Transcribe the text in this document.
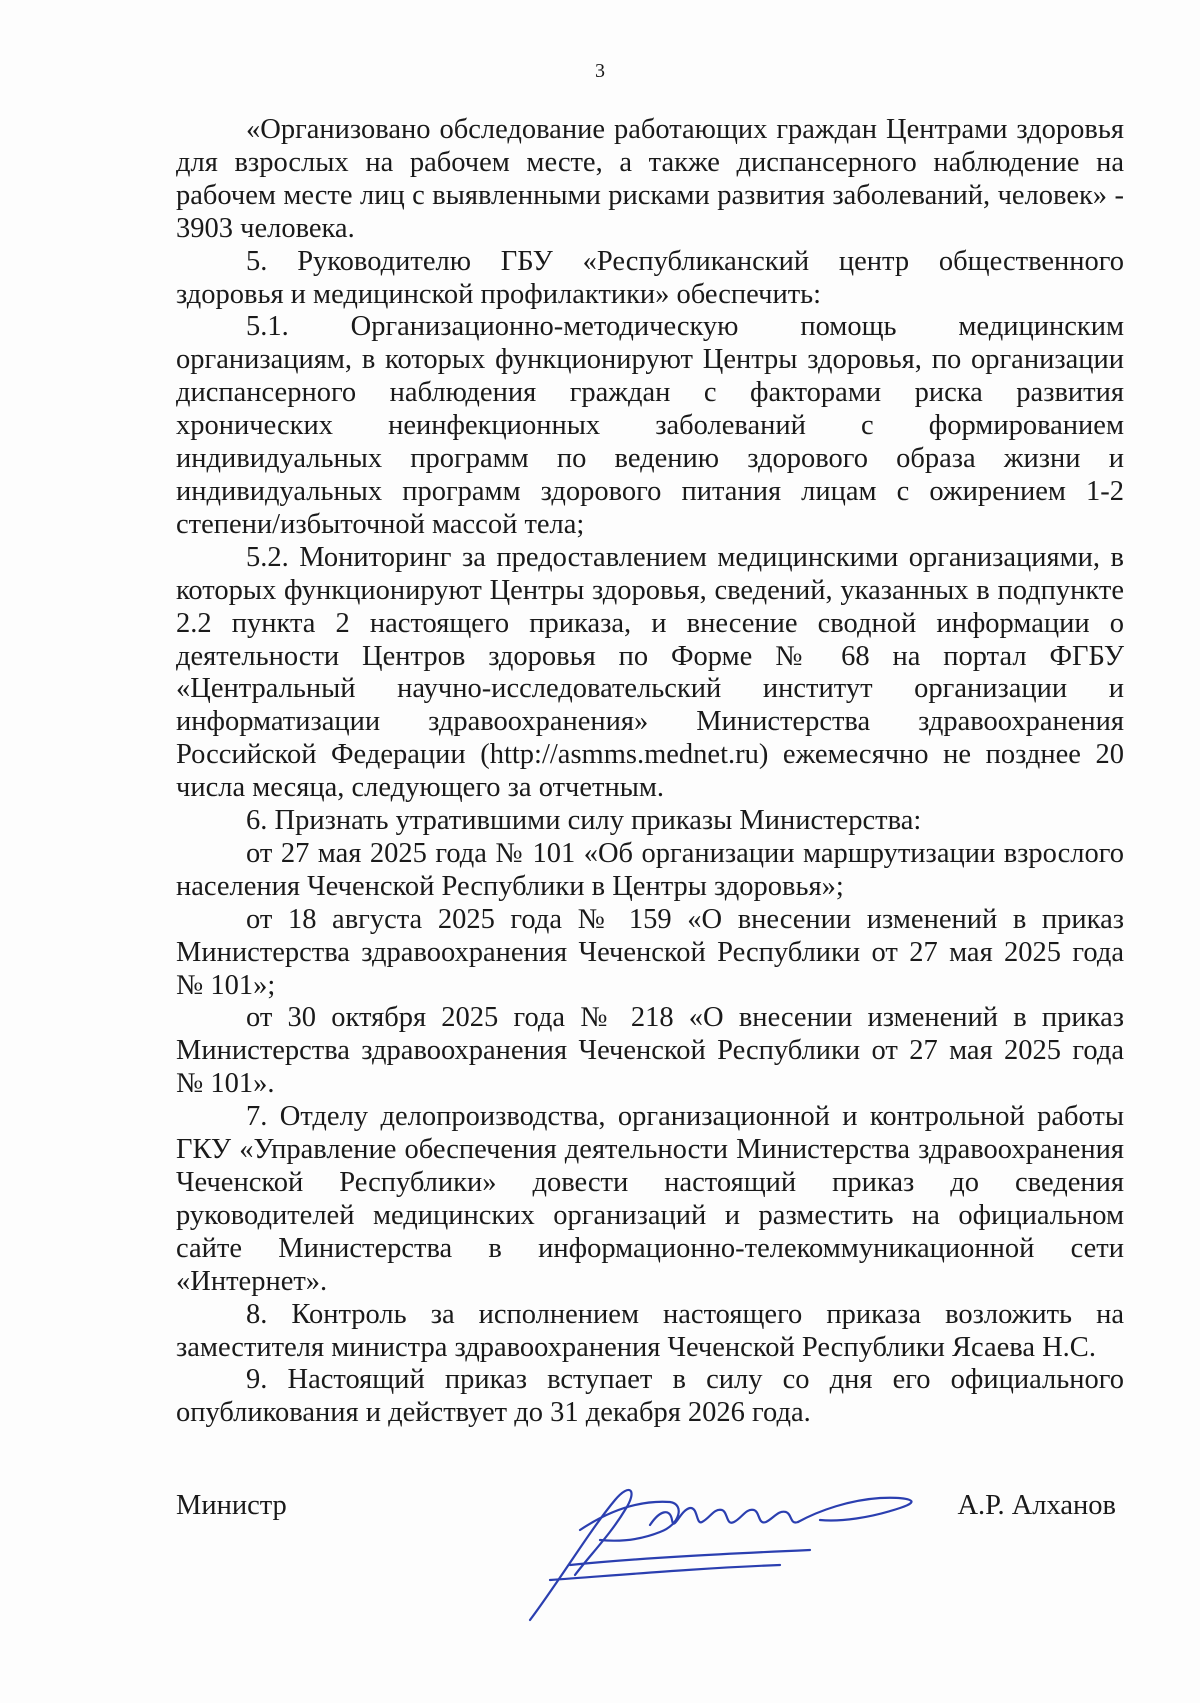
3

«Организовано обследование работающих граждан Центрами здоровья для взрослых на рабочем месте, а также диспансерного наблюдение на рабочем месте лиц с выявленными рисками развития заболеваний, человек» - 3903 человека.

5. Руководителю ГБУ «Республиканский центр общественного здоровья и медицинской профилактики» обеспечить:

5.1. Организационно-методическую помощь медицинским организациям, в которых функционируют Центры здоровья, по организации диспансерного наблюдения граждан с факторами риска развития хронических неинфекционных заболеваний с формированием индивидуальных программ по ведению здорового образа жизни и индивидуальных программ здорового питания лицам с ожирением 1-2 степени/избыточной массой тела;

5.2. Мониторинг за предоставлением медицинскими организациями, в которых функционируют Центры здоровья, сведений, указанных в подпункте 2.2 пункта 2 настоящего приказа, и внесение сводной информации о деятельности Центров здоровья по Форме № 68 на портал ФГБУ «Центральный научно-исследовательский институт организации и информатизации здравоохранения» Министерства здравоохранения Российской Федерации (http://asmms.mednet.ru) ежемесячно не позднее 20 числа месяца, следующего за отчетным.

6. Признать утратившими силу приказы Министерства:

от 27 мая 2025 года № 101 «Об организации маршрутизации взрослого населения Чеченской Республики в Центры здоровья»;

от 18 августа 2025 года № 159 «О внесении изменений в приказ Министерства здравоохранения Чеченской Республики от 27 мая 2025 года № 101»;

от 30 октября 2025 года № 218 «О внесении изменений в приказ Министерства здравоохранения Чеченской Республики от 27 мая 2025 года № 101».

7. Отделу делопроизводства, организационной и контрольной работы ГКУ «Управление обеспечения деятельности Министерства здравоохранения Чеченской Республики» довести настоящий приказ до сведения руководителей медицинских организаций и разместить на официальном сайте Министерства в информационно-телекоммуникационной сети «Интернет».

8. Контроль за исполнением настоящего приказа возложить на заместителя министра здравоохранения Чеченской Республики Ясаева Н.С.

9. Настоящий приказ вступает в силу со дня его официального опубликования и действует до 31 декабря 2026 года.

Министр	А.Р. Алханов
